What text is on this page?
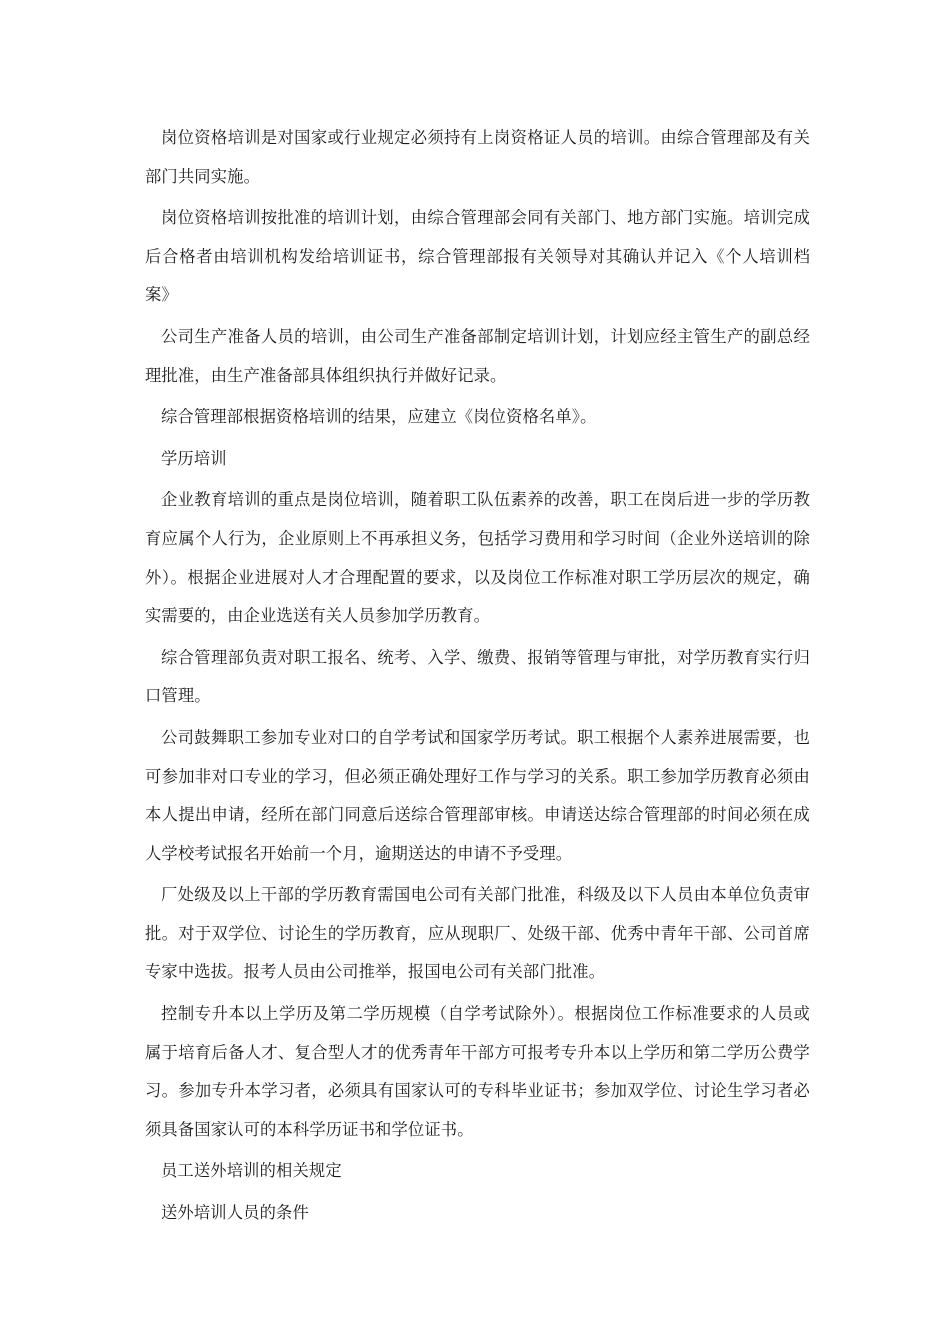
岗位资格培训是对国家或行业规定必须持有上岗资格证人员的培训。由综合管理部及有关部门共同实施。

岗位资格培训按批准的培训计划，由综合管理部会同有关部门、地方部门实施。培训完成后合格者由培训机构发给培训证书，综合管理部报有关领导对其确认并记入《个人培训档案》

公司生产准备人员的培训，由公司生产准备部制定培训计划，计划应经主管生产的副总经理批准，由生产准备部具体组织执行并做好记录。

综合管理部根据资格培训的结果，应建立《岗位资格名单》。

学历培训

企业教育培训的重点是岗位培训，随着职工队伍素养的改善，职工在岗后进一步的学历教育应属个人行为，企业原则上不再承担义务，包括学习费用和学习时间（企业外送培训的除外）。根据企业进展对人才合理配置的要求，以及岗位工作标准对职工学历层次的规定，确实需要的，由企业选送有关人员参加学历教育。

综合管理部负责对职工报名、统考、入学、缴费、报销等管理与审批，对学历教育实行归口管理。

公司鼓舞职工参加专业对口的自学考试和国家学历考试。职工根据个人素养进展需要，也可参加非对口专业的学习，但必须正确处理好工作与学习的关系。职工参加学历教育必须由本人提出申请，经所在部门同意后送综合管理部审核。申请送达综合管理部的时间必须在成人学校考试报名开始前一个月，逾期送达的申请不予受理。

厂处级及以上干部的学历教育需国电公司有关部门批准，科级及以下人员由本单位负责审批。对于双学位、讨论生的学历教育，应从现职厂、处级干部、优秀中青年干部、公司首席专家中选拔。报考人员由公司推举，报国电公司有关部门批准。

控制专升本以上学历及第二学历规模（自学考试除外）。根据岗位工作标准要求的人员或属于培育后备人才、复合型人才的优秀青年干部方可报考专升本以上学历和第二学历公费学习。参加专升本学习者，必须具有国家认可的专科毕业证书；参加双学位、讨论生学习者必须具备国家认可的本科学历证书和学位证书。

员工送外培训的相关规定

送外培训人员的条件
